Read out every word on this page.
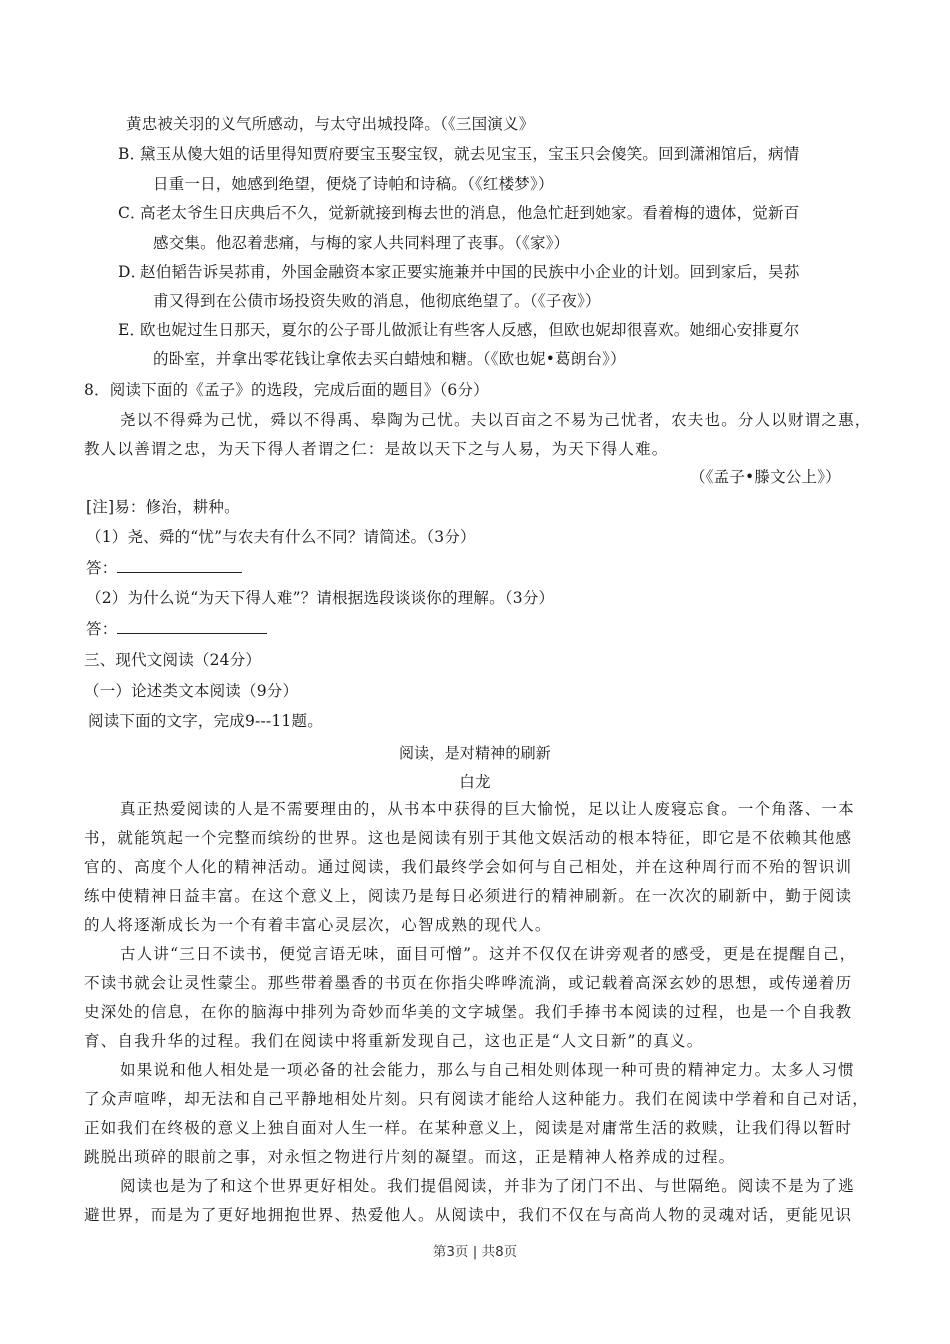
黄忠被关羽的义气所感动，与太守出城投降。（《三国演义》
B．黛玉从傻大姐的话里得知贾府要宝玉娶宝钗，就去见宝玉，宝玉只会傻笑。回到潇湘馆后，病情
日重一日，她感到绝望，便烧了诗帕和诗稿。（《红楼梦》）
C．高老太爷生日庆典后不久，觉新就接到梅去世的消息，他急忙赶到她家。看着梅的遗体，觉新百
感交集。他忍着悲痛，与梅的家人共同料理了丧事。（《家》）
D．赵伯韬告诉吴荪甫，外国金融资本家正要实施兼并中国的民族中小企业的计划。回到家后，吴荪
甫又得到在公债市场投资失败的消息，他彻底绝望了。（《子夜》）
E．欧也妮过生日那天，夏尔的公子哥儿做派让有些客人反感，但欧也妮却很喜欢。她细心安排夏尔
的卧室，并拿出零花钱让拿侬去买白蜡烛和糖。（《欧也妮•葛朗台》）
8．阅读下面的《孟子》的选段，完成后面的题目》（6分）
尧以不得舜为己忧，舜以不得禹、皋陶为己忧。夫以百亩之不易为己忧者，农夫也。分人以财谓之惠，
教人以善谓之忠，为天下得人者谓之仁：是故以天下之与人易，为天下得人难。
（《孟子•滕文公上》）
[注]易：修治，耕种。
（1）尧、舜的“忧”与农夫有什么不同？请简述。（3分）
答：
（2）为什么说“为天下得人难”？请根据选段谈谈你的理解。（3分）
答：
三、现代文阅读（24分）
（一）论述类文本阅读（9分）
阅读下面的文字，完成9---11题。
阅读，是对精神的刷新
白龙
真正热爱阅读的人是不需要理由的，从书本中获得的巨大愉悦，足以让人废寝忘食。一个角落、一本
书，就能筑起一个完整而缤纷的世界。这也是阅读有别于其他文娱活动的根本特征，即它是不依赖其他感
官的、高度个人化的精神活动。通过阅读，我们最终学会如何与自己相处，并在这种周行而不殆的智识训
练中使精神日益丰富。在这个意义上，阅读乃是每日必须进行的精神刷新。在一次次的刷新中，勤于阅读
的人将逐渐成长为一个有着丰富心灵层次，心智成熟的现代人。
古人讲“三日不读书，便觉言语无味，面目可憎”。这并不仅仅在讲旁观者的感受，更是在提醒自己，
不读书就会让灵性蒙尘。那些带着墨香的书页在你指尖哗哗流淌，或记载着高深玄妙的思想，或传递着历
史深处的信息，在你的脑海中排列为奇妙而华美的文字城堡。我们手捧书本阅读的过程，也是一个自我教
育、自我升华的过程。我们在阅读中将重新发现自己，这也正是“人文日新”的真义。
如果说和他人相处是一项必备的社会能力，那么与自己相处则体现一种可贵的精神定力。太多人习惯
了众声喧哗，却无法和自己平静地相处片刻。只有阅读才能给人这种能力。我们在阅读中学着和自己对话，
正如我们在终极的意义上独自面对人生一样。在某种意义上，阅读是对庸常生活的救赎，让我们得以暂时
跳脱出琐碎的眼前之事，对永恒之物进行片刻的凝望。而这，正是精神人格养成的过程。
阅读也是为了和这个世界更好相处。我们提倡阅读，并非为了闭门不出、与世隔绝。阅读不是为了逃
避世界，而是为了更好地拥抱世界、热爱他人。从阅读中，我们不仅在与高尚人物的灵魂对话，更能见识
第3页 | 共8页
